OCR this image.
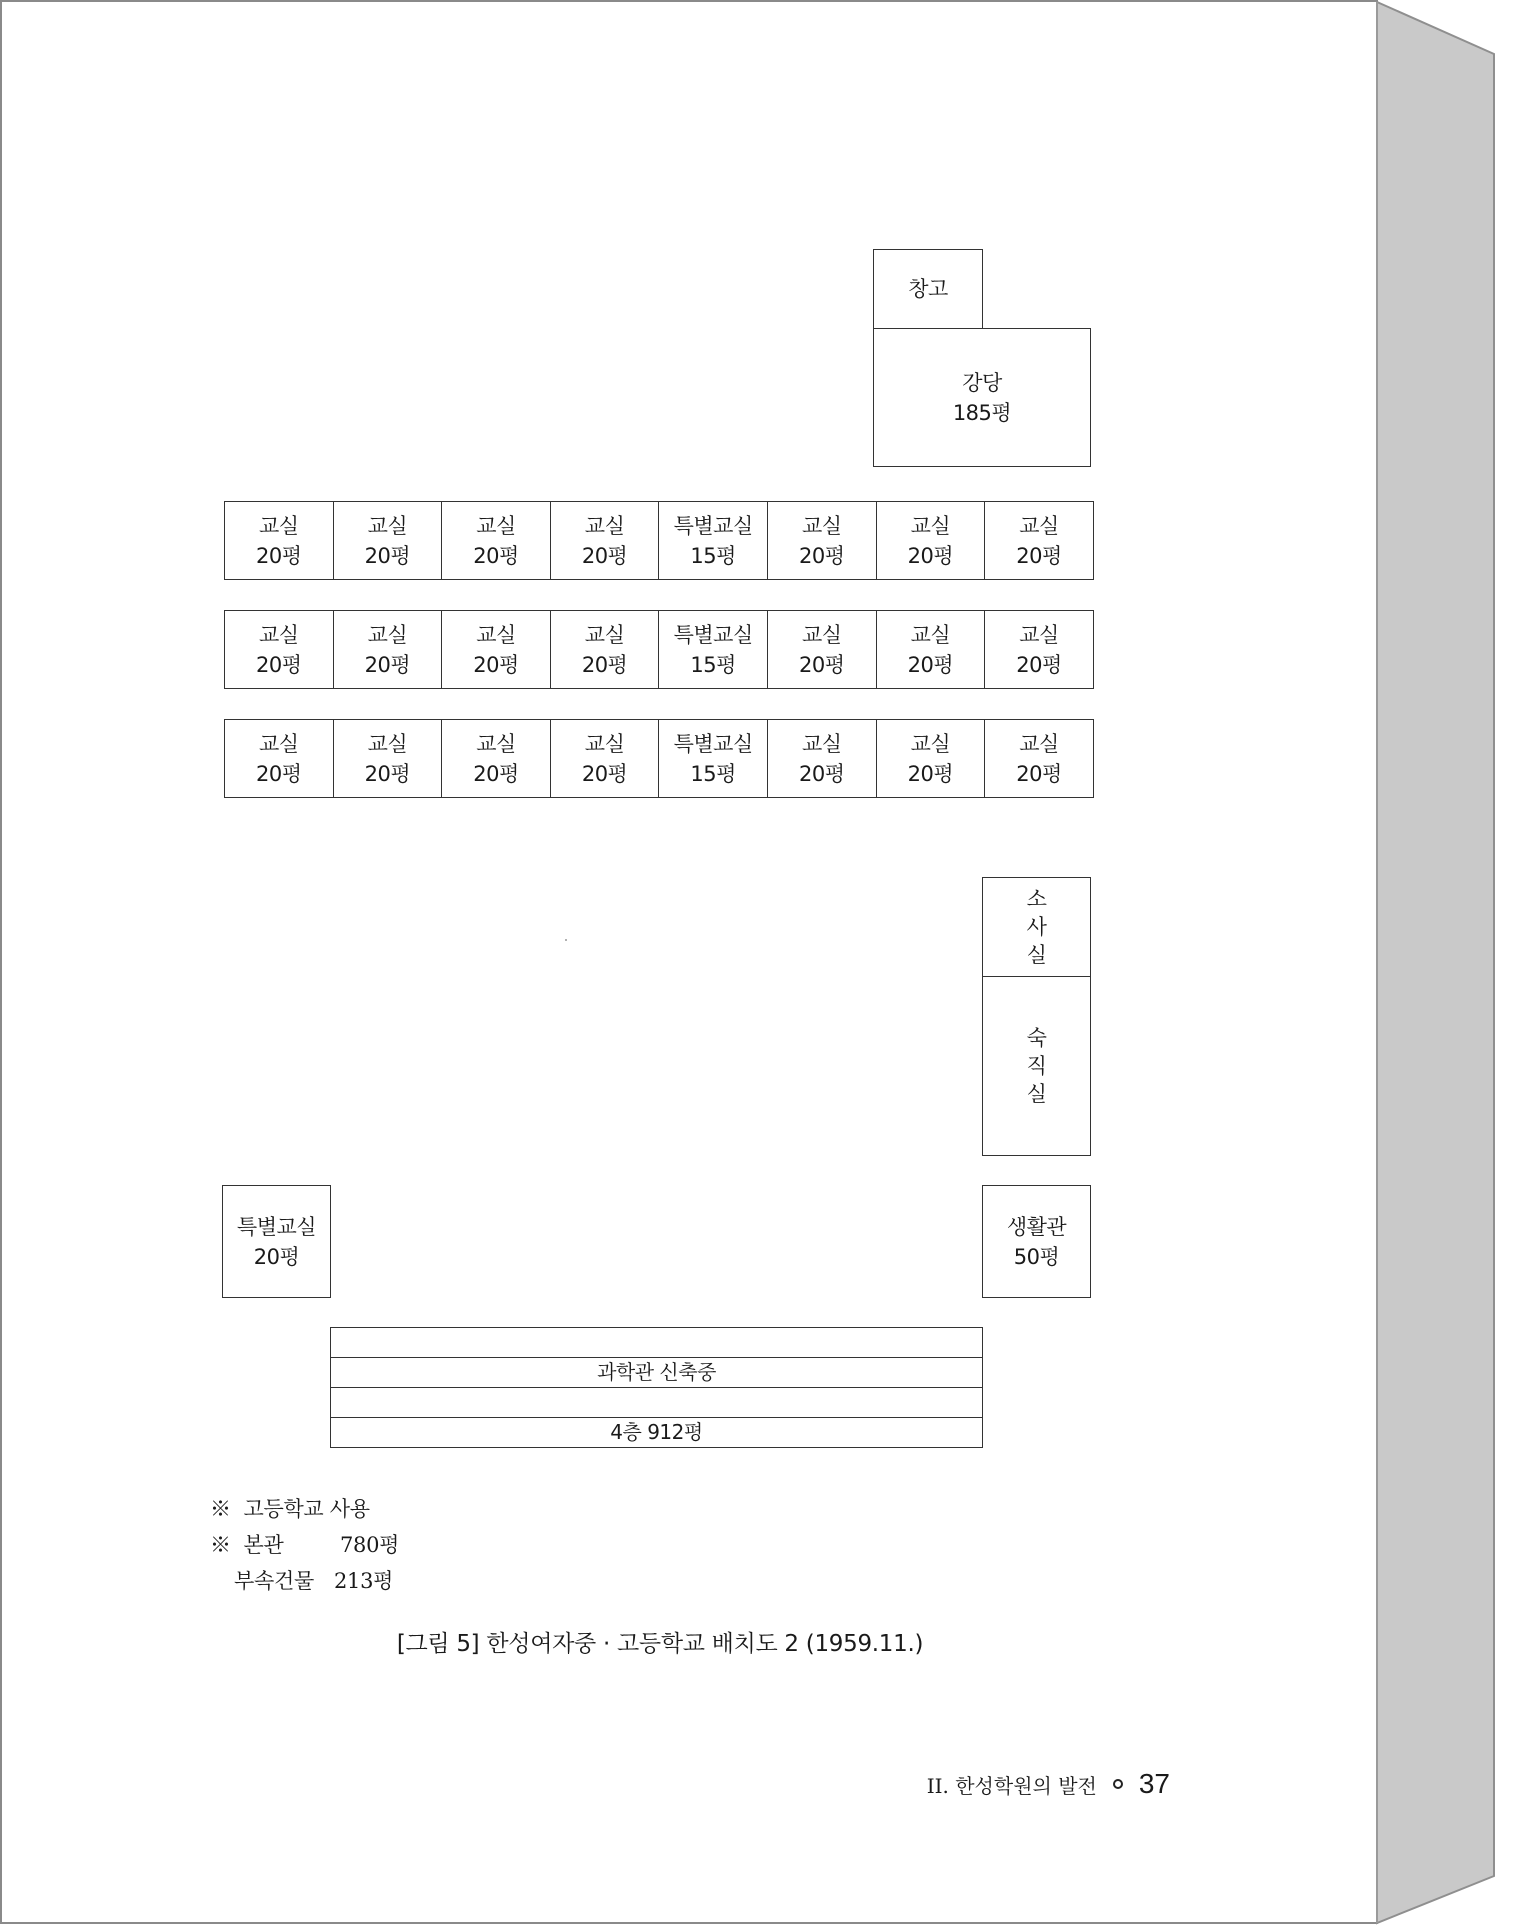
창고
강당
185평
교실
20평
교실
20평
교실
20평
교실
20평
특별교실
15평
교실
20평
교실
20평
교실
20평
교실
20평
교실
20평
교실
20평
교실
20평
특별교실
15평
교실
20평
교실
20평
교실
20평
교실
20평
교실
20평
교실
20평
교실
20평
특별교실
15평
교실
20평
교실
20평
교실
20평
소
사
실
숙
직
실
특별교실
20평
생활관
50평
과학관 신축중
4층 912평
※ 고등학교 사용
※ 본관	780평
부속건물 213평
[그림 5] 한성여자중 · 고등학교 배치도 2 (1959.11.)
II. 한성학원의 발전 37
